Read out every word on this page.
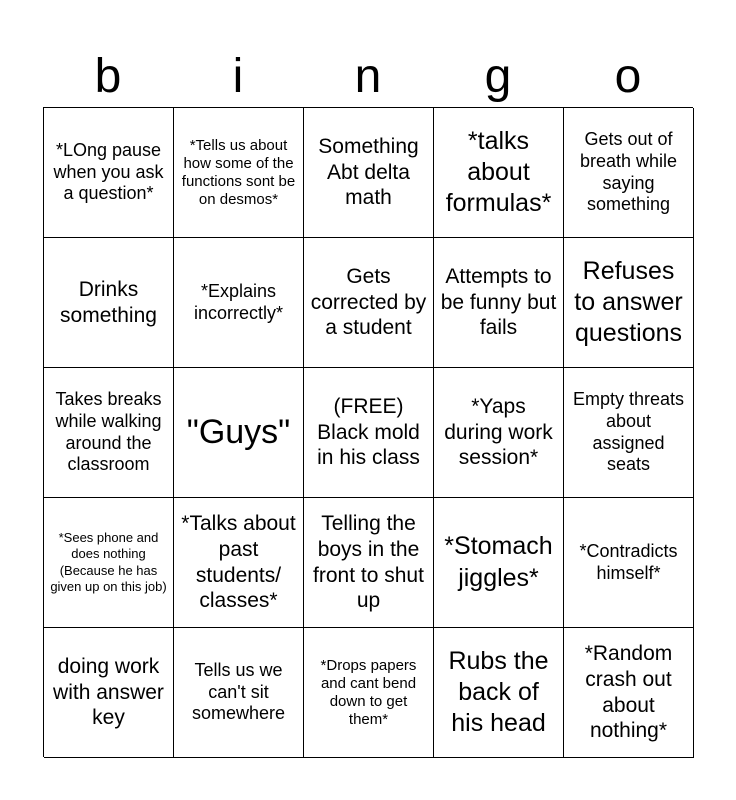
b	i	n	g	o
*LOng pause when you ask a question*
*Tells us about how some of the functions sont be on desmos*
Something Abt delta math
*talks about formulas*
Gets out of breath while saying something
Drinks something
*Explains incorrectly*
Gets corrected by a student
Attempts to be funny but fails
Refuses to answer questions
Takes breaks while walking around the classroom
"Guys"
(FREE) Black mold in his class
*Yaps during work session*
Empty threats about assigned seats
*Sees phone and does nothing (Because he has given up on this job)
*Talks about past students/ classes*
Telling the boys in the front to shut up
*Stomach jiggles*
*Contradicts himself*
doing work with answer key
Tells us we can't sit somewhere
*Drops papers and cant bend down to get them*
Rubs the back of his head
*Random crash out about nothing*
